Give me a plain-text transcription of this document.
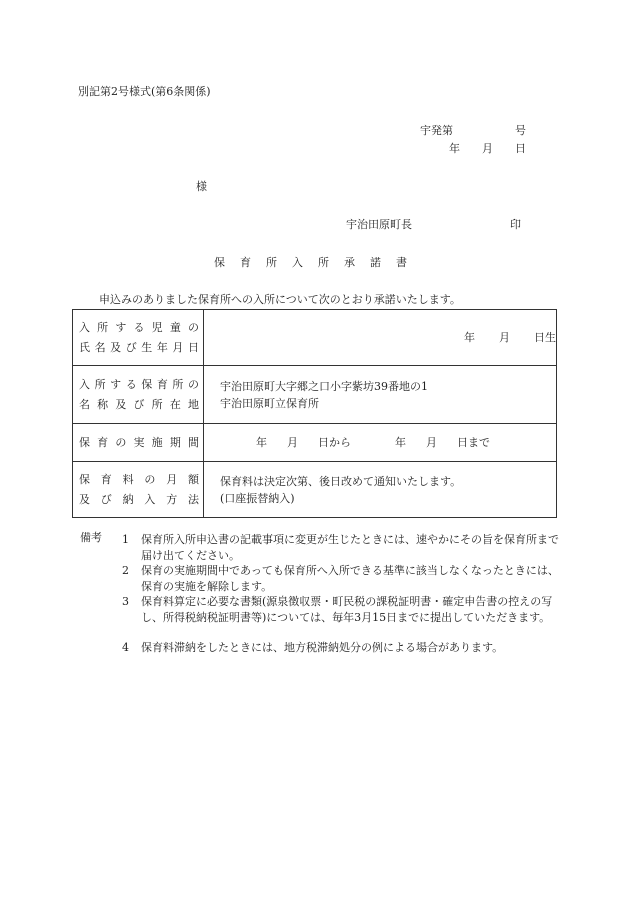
別記第2号様式(第6条関係)
宇発第	号
年 月 日
様
宇治田原町長	印
保育所入所承諾書
申込みのありました保育所への入所について次のとおり承諾いたします。
入所する児童の
氏名及び生年月日	年 月 日生

入所する保育所の
名称及び所在地	宇治田原町大字郷之口小字紫坊39番地の1
宇治田原町立保育所

保育の実施期間	年 月 日から 年 月 日まで

保育料の月額
及び納入方法	保育料は決定次第、後日改めて通知いたします。
(口座振替納入)
備考 1	保育所入所申込書の記載事項に変更が生じたときには、速やかにその旨を保育所まで届け出てください。
2	保育の実施期間中であっても保育所へ入所できる基準に該当しなくなったときには、保育の実施を解除します。
3	保育料算定に必要な書類(源泉徴収票・町民税の課税証明書・確定申告書の控えの写し、所得税納税証明書等)については、毎年3月15日までに提出していただきます。
4	保育料滞納をしたときには、地方税滞納処分の例による場合があります。
